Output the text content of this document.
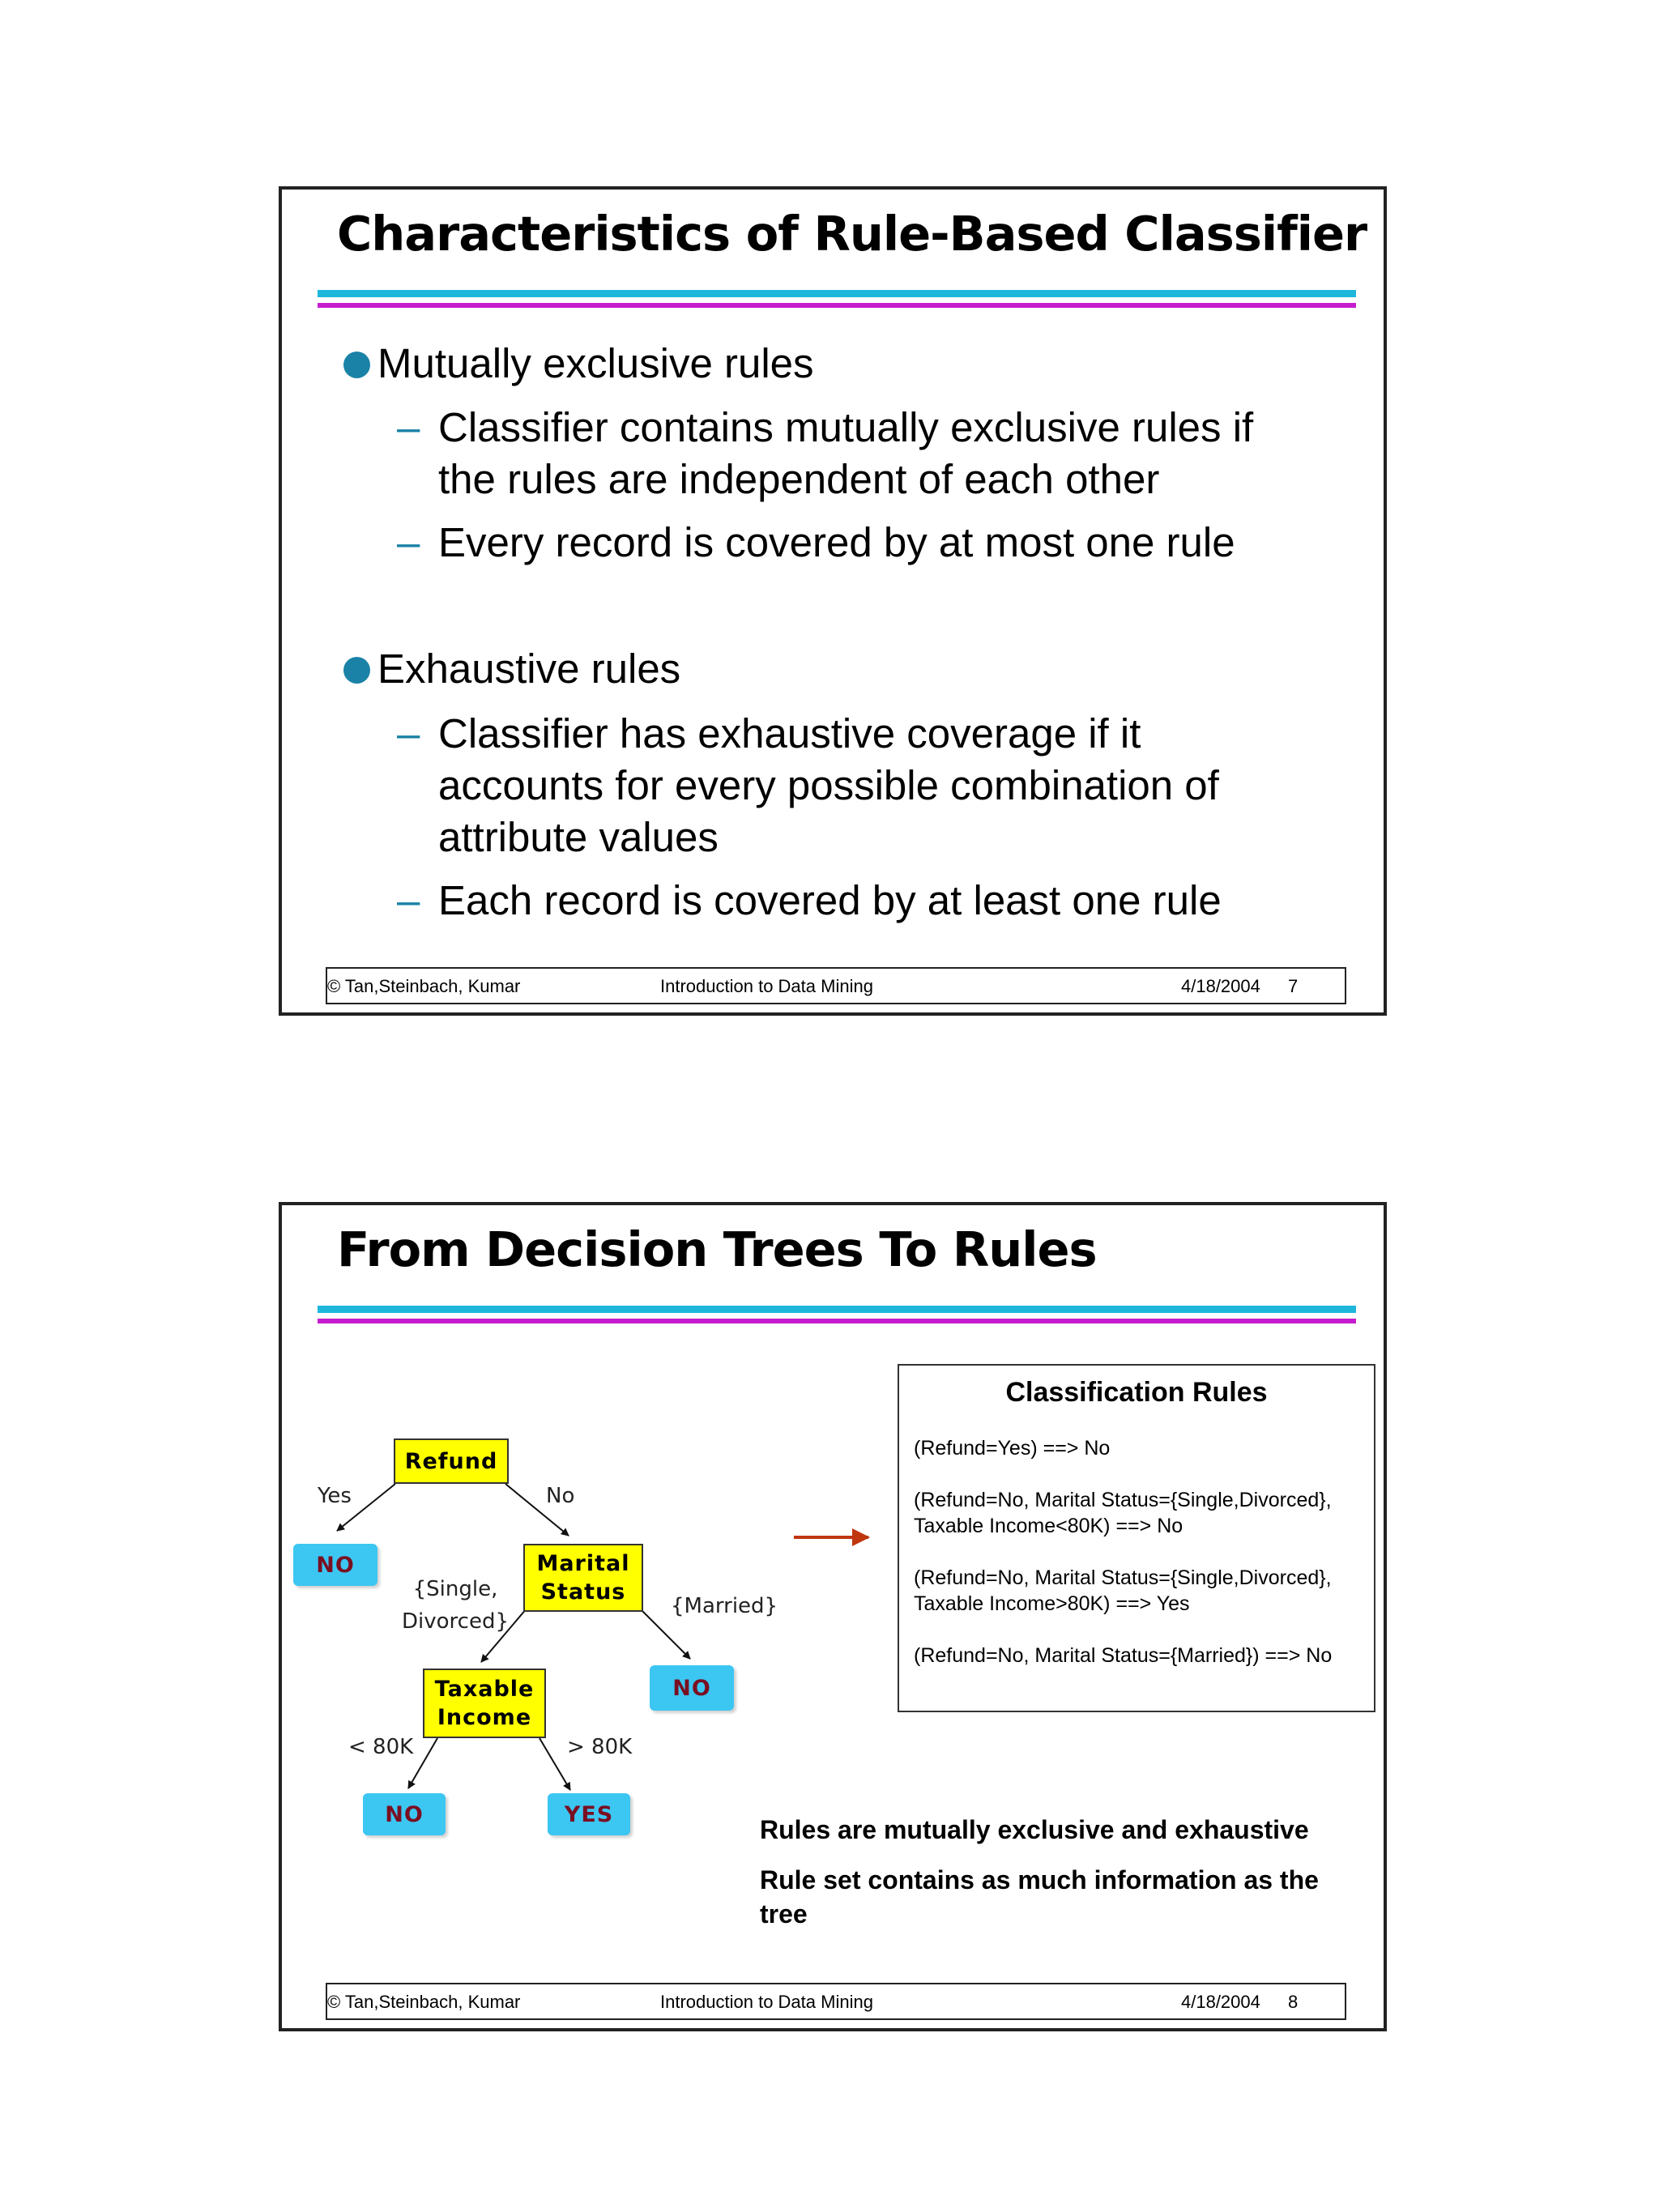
Characteristics of Rule-Based Classifier
Mutually exclusive rules
– Classifier contains mutually exclusive rules if
the rules are independent of each other
– Every record is covered by at most one rule
Exhaustive rules
– Classifier has exhaustive coverage if it
accounts for every possible combination of
attribute values
– Each record is covered by at least one rule
© Tan,Steinbach, Kumar	Introduction to Data Mining	4/18/2004 7
From Decision Trees To Rules
Refund
Marital
Status
Taxable
Income
NO
NO
NO	YES
Yes	No
{Single,
Divorced}
{Married}
< 80K	> 80K
Classification Rules
(Refund=Yes) ==> No
(Refund=No, Marital Status={Single,Divorced},
Taxable Income<80K) ==> No
(Refund=No, Marital Status={Single,Divorced},
Taxable Income>80K) ==> Yes
(Refund=No, Marital Status={Married}) ==> No
Rules are mutually exclusive and exhaustive
Rule set contains as much information as the
tree
© Tan,Steinbach, Kumar	Introduction to Data Mining	4/18/2004 8
